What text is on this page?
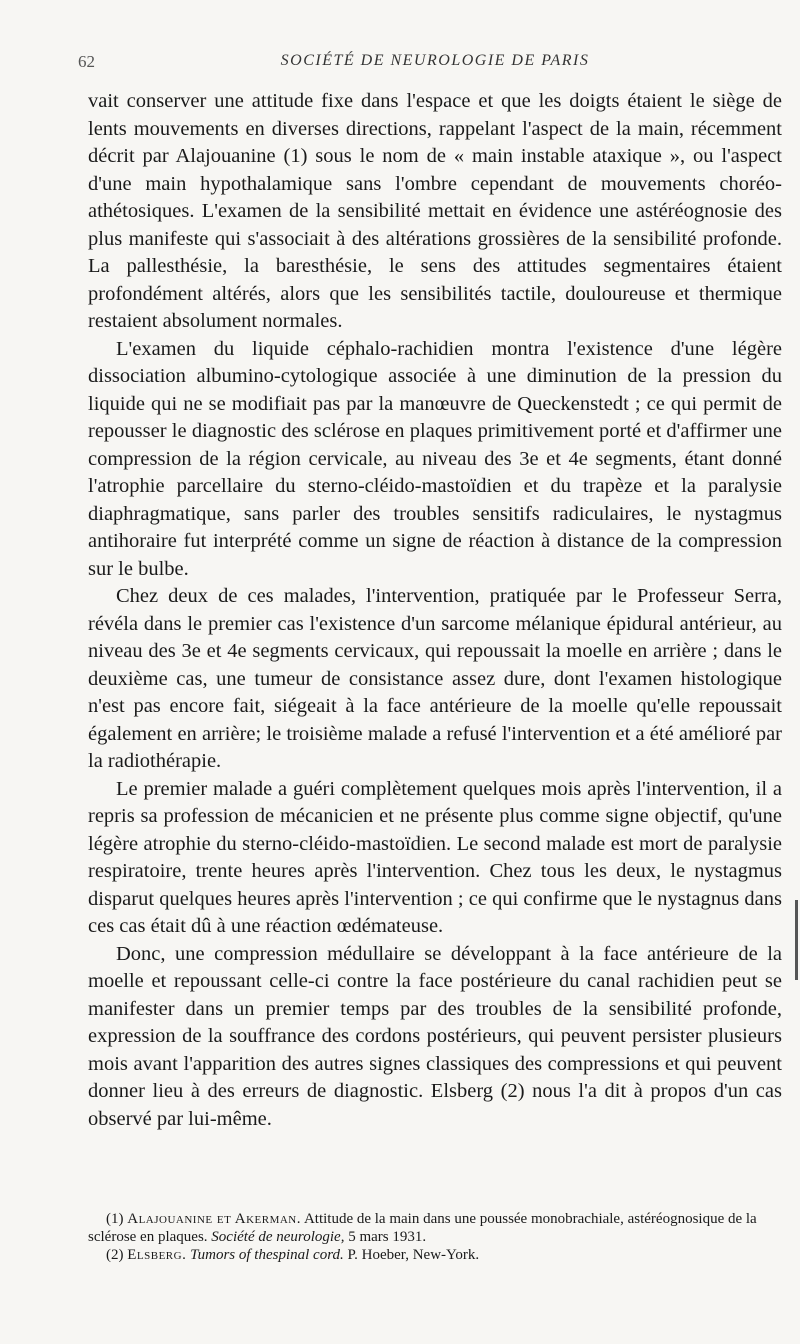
62	SOCIÉTÉ DE NEUROLOGIE DE PARIS

vait conserver une attitude fixe dans l'espace et que les doigts étaient le siège de lents mouvements en diverses directions, rappelant l'aspect de la main, récemment décrit par Alajouanine (1) sous le nom de « main instable ataxique », ou l'aspect d'une main hypothalamique sans l'ombre cependant de mouvements choréo-athétosiques. L'examen de la sensibilité mettait en évidence une astéréognosie des plus manifeste qui s'associait à des altérations grossières de la sensibilité profonde. La pallesthésie, la baresthésie, le sens des attitudes segmentaires étaient profondément altérés, alors que les sensibilités tactile, douloureuse et thermique restaient absolument normales.

L'examen du liquide céphalo-rachidien montra l'existence d'une légère dissociation albumino-cytologique associée à une diminution de la pression du liquide qui ne se modifiait pas par la manœuvre de Queckenstedt ; ce qui permit de repousser le diagnostic des sclérose en plaques primitivement porté et d'affirmer une compression de la région cervicale, au niveau des 3e et 4e segments, étant donné l'atrophie parcellaire du sterno-cléido-mastoïdien et du trapèze et la paralysie diaphragmatique, sans parler des troubles sensitifs radiculaires, le nystagmus antihoraire fut interprété comme un signe de réaction à distance de la compression sur le bulbe.

Chez deux de ces malades, l'intervention, pratiquée par le Professeur Serra, révéla dans le premier cas l'existence d'un sarcome mélanique épidural antérieur, au niveau des 3e et 4e segments cervicaux, qui repoussait la moelle en arrière ; dans le deuxième cas, une tumeur de consistance assez dure, dont l'examen histologique n'est pas encore fait, siégeait à la face antérieure de la moelle qu'elle repoussait également en arrière; le troisième malade a refusé l'intervention et a été amélioré par la radiothérapie.

Le premier malade a guéri complètement quelques mois après l'intervention, il a repris sa profession de mécanicien et ne présente plus comme signe objectif, qu'une légère atrophie du sterno-cléido-mastoïdien. Le second malade est mort de paralysie respiratoire, trente heures après l'intervention. Chez tous les deux, le nystagmus disparut quelques heures après l'intervention ; ce qui confirme que le nystagnus dans ces cas était dû à une réaction œdémateuse.

Donc, une compression médullaire se développant à la face antérieure de la moelle et repoussant celle-ci contre la face postérieure du canal rachidien peut se manifester dans un premier temps par des troubles de la sensibilité profonde, expression de la souffrance des cordons postérieurs, qui peuvent persister plusieurs mois avant l'apparition des autres signes classiques des compressions et qui peuvent donner lieu à des erreurs de diagnostic. Elsberg (2) nous l'a dit à propos d'un cas observé par lui-même.

(1) Alajouanine et Akerman. Attitude de la main dans une poussée monobrachiale, astéréognosique de la sclérose en plaques. Société de neurologie, 5 mars 1931.

(2) Elsberg. Tumors of thespinal cord. P. Hoeber, New-York.
